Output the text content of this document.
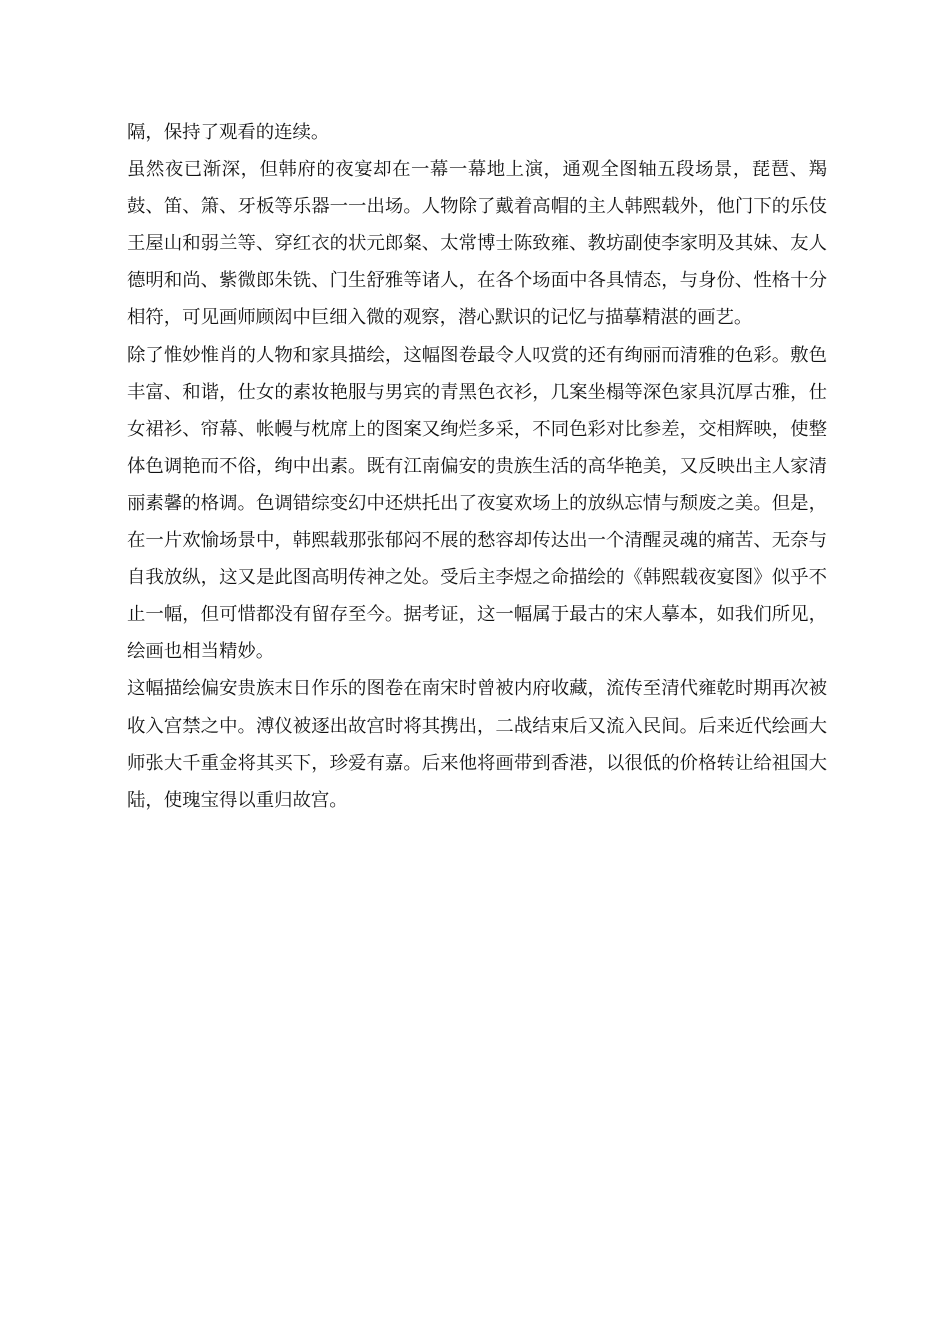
隔，保持了观看的连续。

虽然夜已渐深，但韩府的夜宴却在一幕一幕地上演，通观全图轴五段场景，琵琶、羯鼓、笛、箫、牙板等乐器一一出场。人物除了戴着高帽的主人韩熙载外，他门下的乐伎王屋山和弱兰等、穿红衣的状元郎粲、太常博士陈致雍、教坊副使李家明及其妹、友人德明和尚、紫微郎朱铣、门生舒雅等诸人，在各个场面中各具情态，与身份、性格十分相符，可见画师顾闳中巨细入微的观察，潜心默识的记忆与描摹精湛的画艺。

除了惟妙惟肖的人物和家具描绘，这幅图卷最令人叹赏的还有绚丽而清雅的色彩。敷色丰富、和谐，仕女的素妆艳服与男宾的青黑色衣衫，几案坐榻等深色家具沉厚古雅，仕女裙衫、帘幕、帐幔与枕席上的图案又绚烂多采，不同色彩对比参差，交相辉映，使整体色调艳而不俗，绚中出素。既有江南偏安的贵族生活的高华艳美，又反映出主人家清丽素馨的格调。色调错综变幻中还烘托出了夜宴欢场上的放纵忘情与颓废之美。但是，在一片欢愉场景中，韩熙载那张郁闷不展的愁容却传达出一个清醒灵魂的痛苦、无奈与自我放纵，这又是此图高明传神之处。受后主李煜之命描绘的《韩熙载夜宴图》似乎不止一幅，但可惜都没有留存至今。据考证，这一幅属于最古的宋人摹本，如我们所见，绘画也相当精妙。

这幅描绘偏安贵族末日作乐的图卷在南宋时曾被内府收藏，流传至清代雍乾时期再次被收入宫禁之中。溥仪被逐出故宫时将其携出，二战结束后又流入民间。后来近代绘画大师张大千重金将其买下，珍爱有嘉。后来他将画带到香港，以很低的价格转让给祖国大陆，使瑰宝得以重归故宫。
